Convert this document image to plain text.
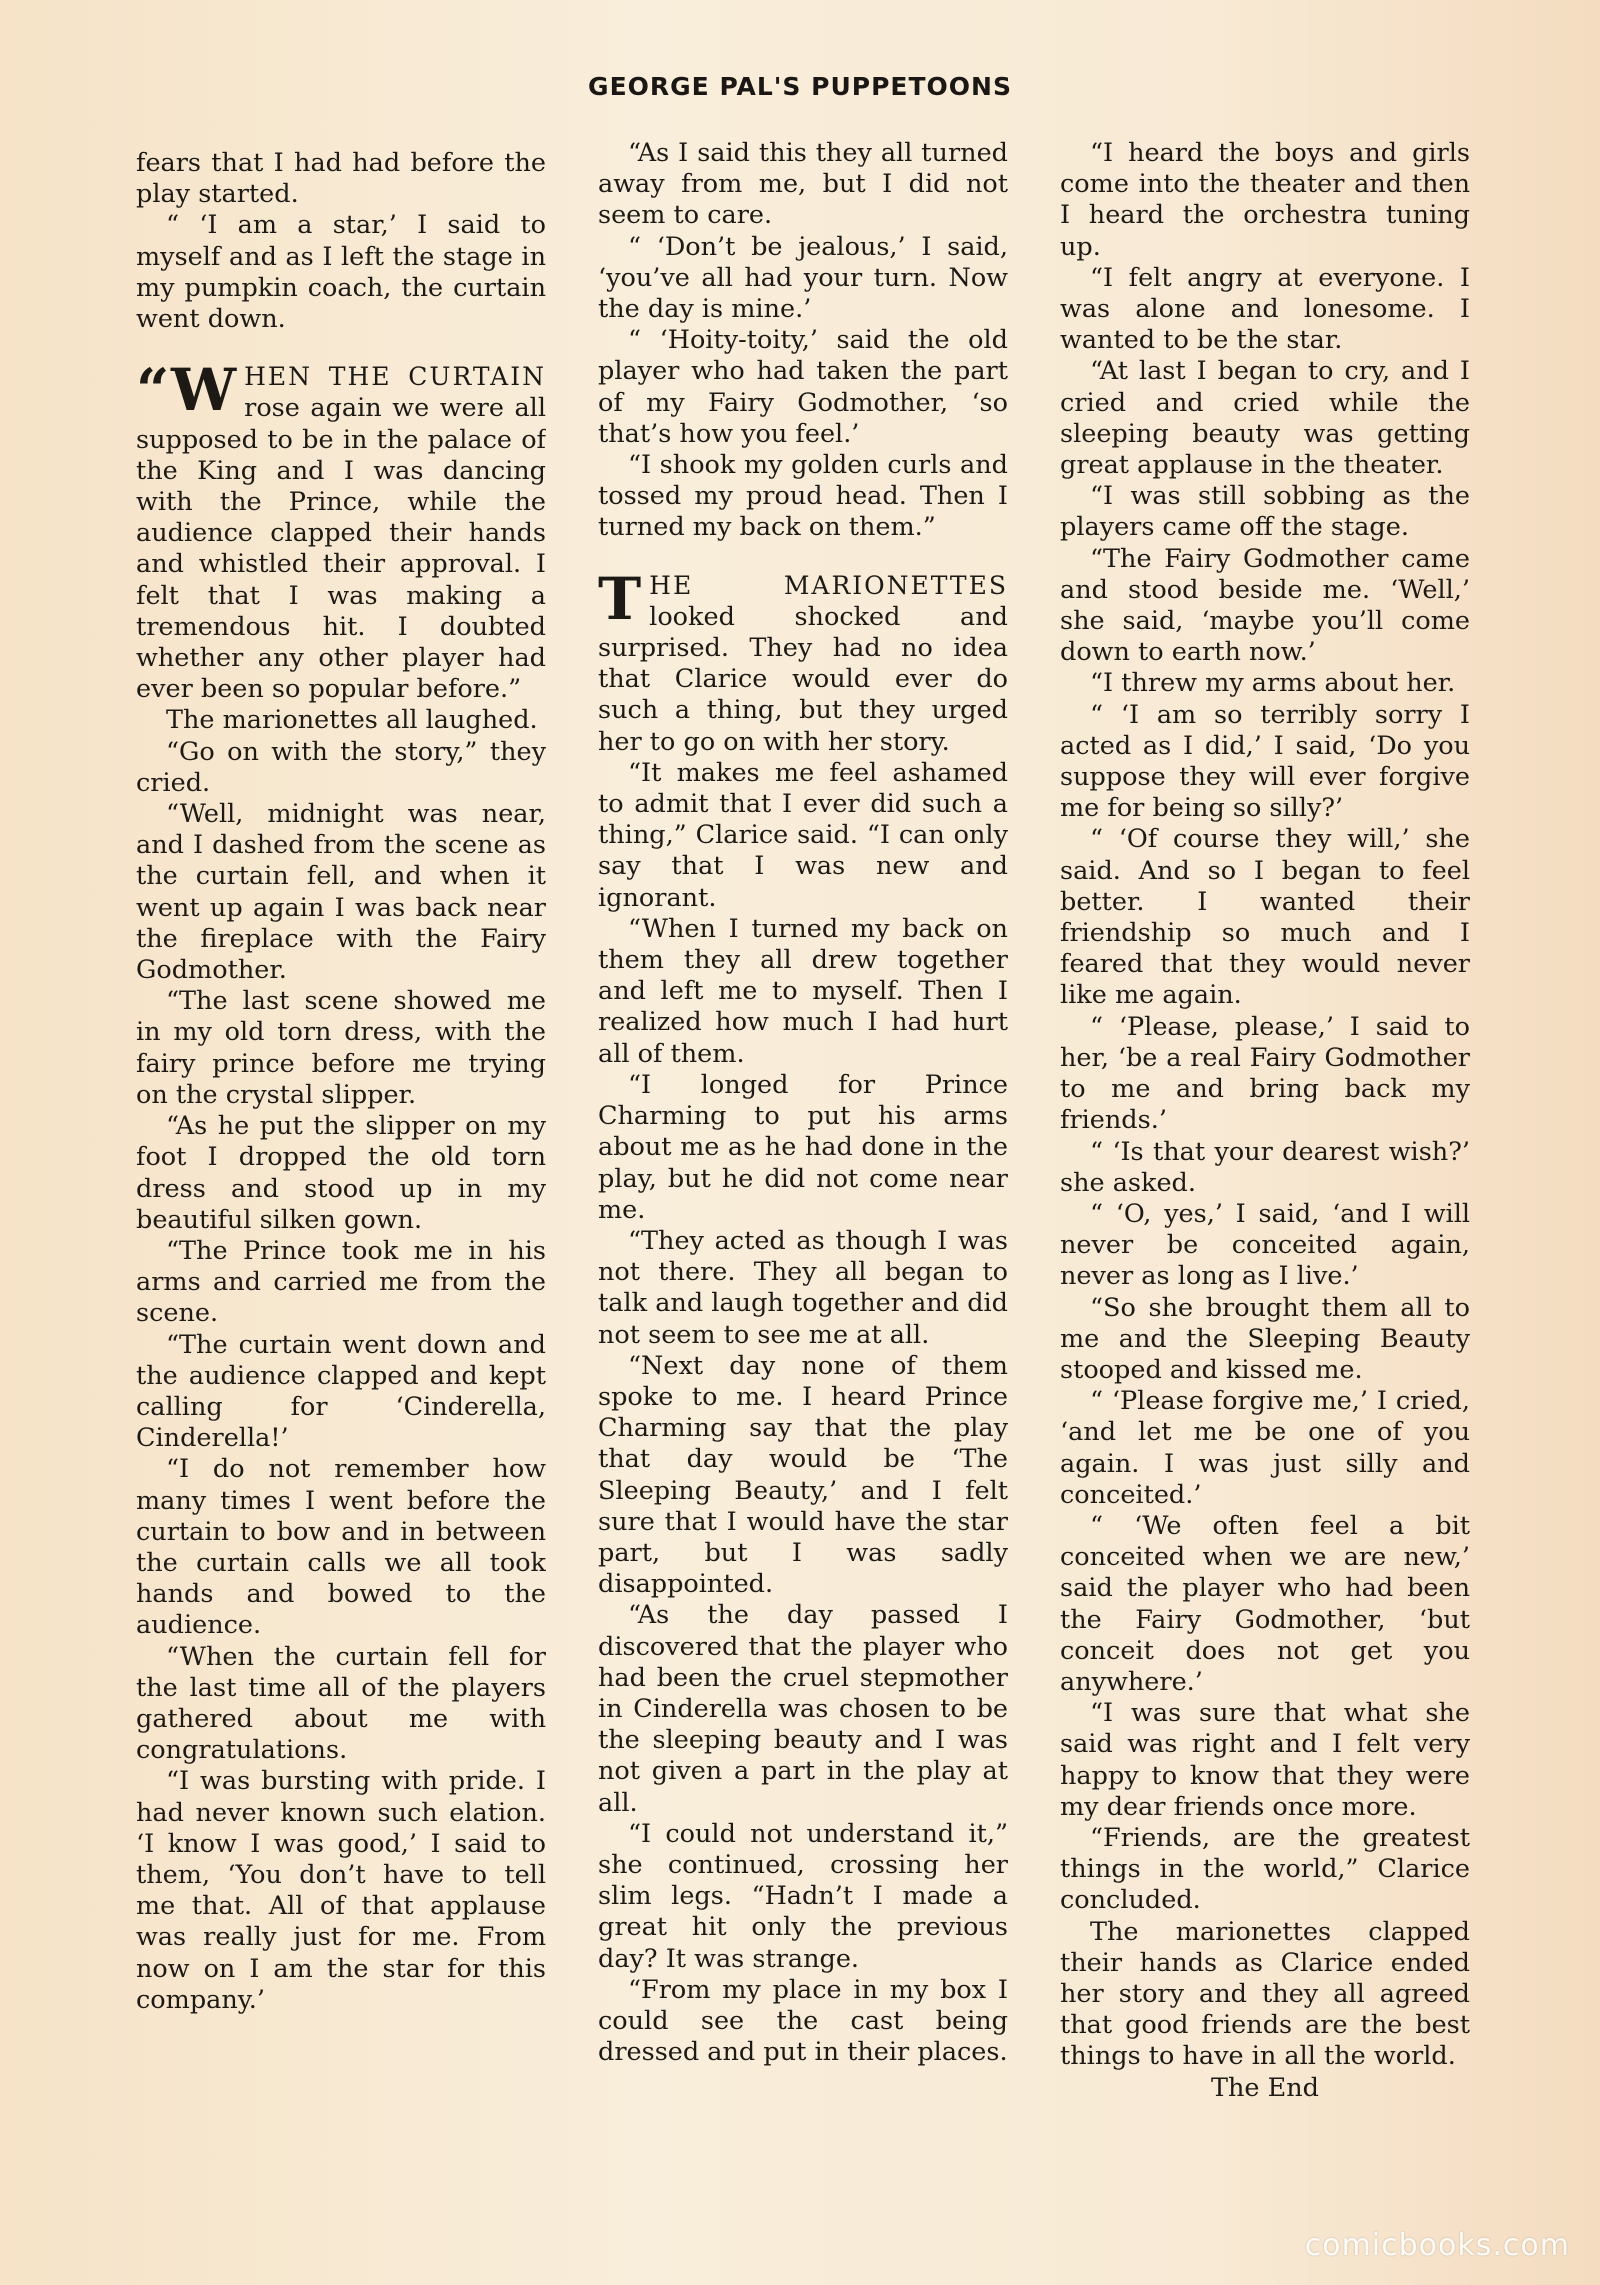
GEORGE PAL'S PUPPETOONS

fears that I had had before the play started.

“ ‘I am a star,’ I said to myself and as I left the stage in my pumpkin coach, the curtain went down.

“WHEN THE CURTAIN rose again we were all supposed to be in the palace of the King and I was dancing with the Prince, while the audience clapped their hands and whistled their approval. I felt that I was making a tremendous hit. I doubted whether any other player had ever been so popular before.”

The marionettes all laughed.

“Go on with the story,” they cried.

“Well, midnight was near, and I dashed from the scene as the curtain fell, and when it went up again I was back near the fireplace with the Fairy Godmother.

“The last scene showed me in my old torn dress, with the fairy prince before me trying on the crystal slipper.

“As he put the slipper on my foot I dropped the old torn dress and stood up in my beautiful silken gown.

“The Prince took me in his arms and carried me from the scene.

“The curtain went down and the audience clapped and kept calling for ‘Cinderella, Cinderella!’

“I do not remember how many times I went before the curtain to bow and in between the curtain calls we all took hands and bowed to the audience.

“When the curtain fell for the last time all of the players gathered about me with congratulations.

“I was bursting with pride. I had never known such elation. ‘I know I was good,’ I said to them, ‘You don’t have to tell me that. All of that applause was really just for me. From now on I am the star for this company.’

“As I said this they all turned away from me, but I did not seem to care.

“ ‘Don’t be jealous,’ I said, ‘you’ve all had your turn. Now the day is mine.’

“ ‘Hoity-toity,’ said the old player who had taken the part of my Fairy Godmother, ‘so that’s how you feel.’

“I shook my golden curls and tossed my proud head. Then I turned my back on them.”

THE MARIONETTES looked shocked and surprised. They had no idea that Clarice would ever do such a thing, but they urged her to go on with her story.

“It makes me feel ashamed to admit that I ever did such a thing,” Clarice said. “I can only say that I was new and ignorant.

“When I turned my back on them they all drew together and left me to myself. Then I realized how much I had hurt all of them.

“I longed for Prince Charming to put his arms about me as he had done in the play, but he did not come near me.

“They acted as though I was not there. They all began to talk and laugh together and did not seem to see me at all.

“Next day none of them spoke to me. I heard Prince Charming say that the play that day would be ‘The Sleeping Beauty,’ and I felt sure that I would have the star part, but I was sadly disappointed.

“As the day passed I discovered that the player who had been the cruel stepmother in Cinderella was chosen to be the sleeping beauty and I was not given a part in the play at all.

“I could not understand it,” she continued, crossing her slim legs. “Hadn’t I made a great hit only the previous day? It was strange.

“From my place in my box I could see the cast being dressed and put in their places.

“I heard the boys and girls come into the theater and then I heard the orchestra tuning up.

“I felt angry at everyone. I was alone and lonesome. I wanted to be the star.

“At last I began to cry, and I cried and cried while the sleeping beauty was getting great applause in the theater.

“I was still sobbing as the players came off the stage.

“The Fairy Godmother came and stood beside me. ‘Well,’ she said, ‘maybe you’ll come down to earth now.’

“I threw my arms about her.

“ ‘I am so terribly sorry I acted as I did,’ I said, ‘Do you suppose they will ever forgive me for being so silly?’

“ ‘Of course they will,’ she said. And so I began to feel better. I wanted their friendship so much and I feared that they would never like me again.

“ ‘Please, please,’ I said to her, ‘be a real Fairy Godmother to me and bring back my friends.’

“ ‘Is that your dearest wish?’ she asked.

“ ‘O, yes,’ I said, ‘and I will never be conceited again, never as long as I live.’

“So she brought them all to me and the Sleeping Beauty stooped and kissed me.

“ ‘Please forgive me,’ I cried, ‘and let me be one of you again. I was just silly and conceited.’

“ ‘We often feel a bit conceited when we are new,’ said the player who had been the Fairy Godmother, ‘but conceit does not get you anywhere.’

“I was sure that what she said was right and I felt very happy to know that they were my dear friends once more.

“Friends, are the greatest things in the world,” Clarice concluded.

The marionettes clapped their hands as Clarice ended her story and they all agreed that good friends are the best things to have in all the world.

The End

comicbooks.com
